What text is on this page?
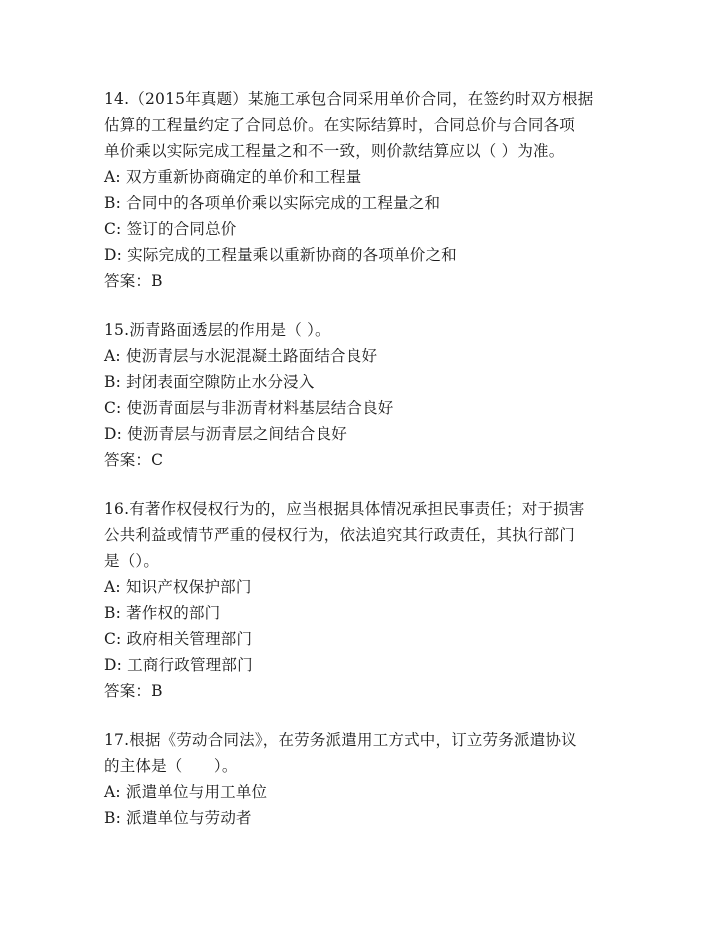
14.（2015年真题）某施工承包合同采用单价合同，在签约时双方根据
估算的工程量约定了合同总价。在实际结算时，合同总价与合同各项
单价乘以实际完成工程量之和不一致，则价款结算应以（ ）为准。
A: 双方重新协商确定的单价和工程量
B: 合同中的各项单价乘以实际完成的工程量之和
C: 签订的合同总价
D: 实际完成的工程量乘以重新协商的各项单价之和
答案：B
15.沥青路面透层的作用是（ ）。
A: 使沥青层与水泥混凝土路面结合良好
B: 封闭表面空隙防止水分浸入
C: 使沥青面层与非沥青材料基层结合良好
D: 使沥青层与沥青层之间结合良好
答案：C
16.有著作权侵权行为的，应当根据具体情况承担民事责任；对于损害
公共利益或情节严重的侵权行为，依法追究其行政责任，其执行部门
是（）。
A: 知识产权保护部门
B: 著作权的部门
C: 政府相关管理部门
D: 工商行政管理部门
答案：B
17.根据《劳动合同法》，在劳务派遣用工方式中，订立劳务派遣协议
的主体是（　　）。
A: 派遣单位与用工单位
B: 派遣单位与劳动者
